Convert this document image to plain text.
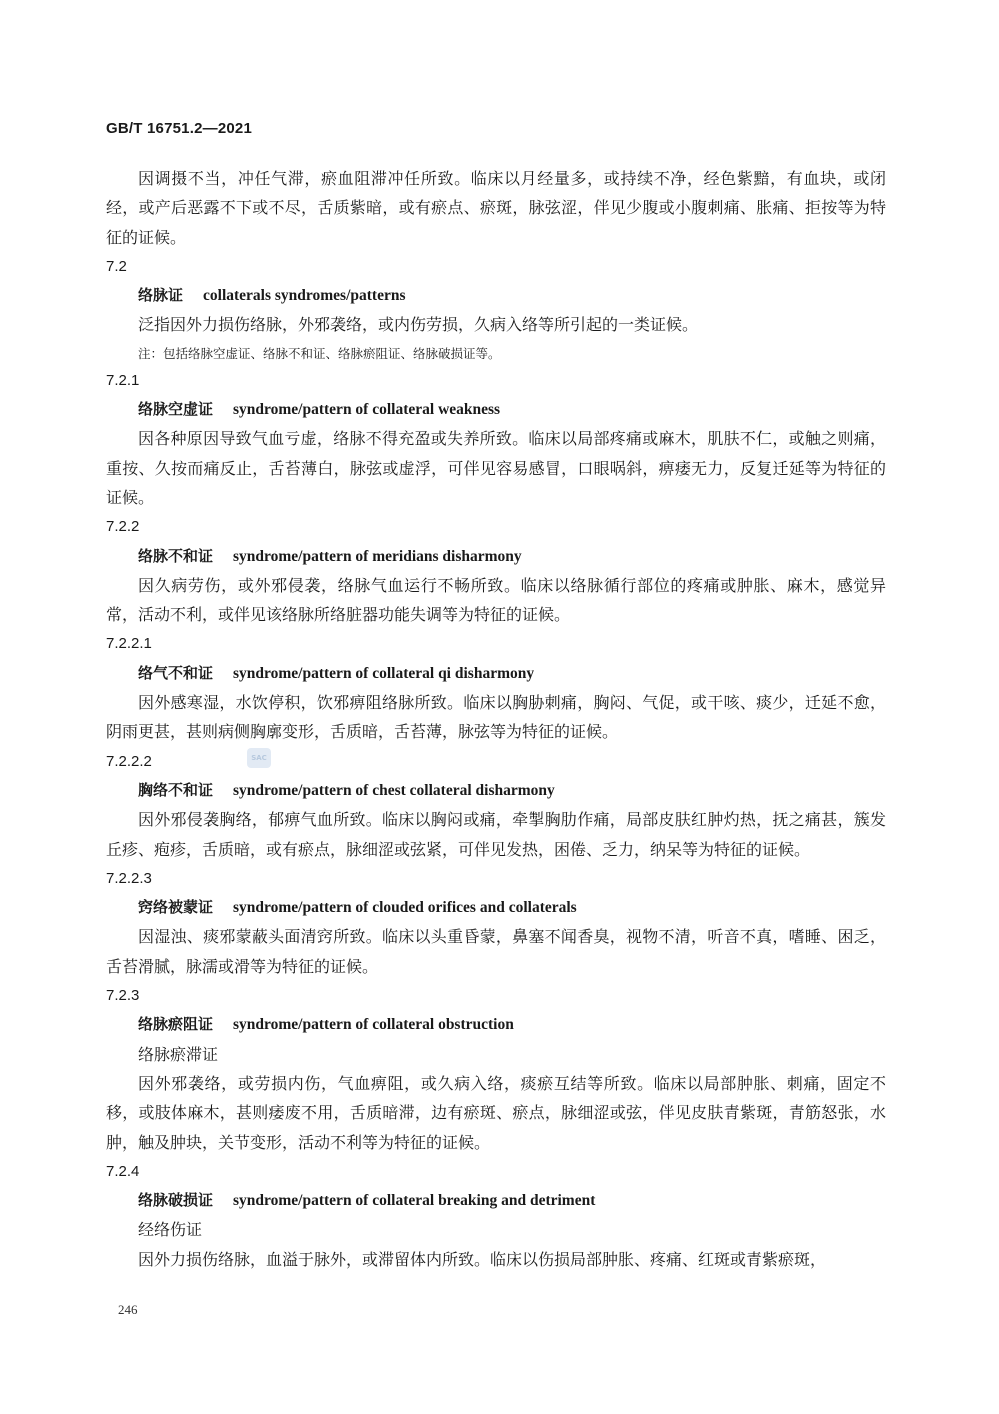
GB/T 16751.2—2021

因调摄不当，冲任气滞，瘀血阻滞冲任所致。临床以月经量多，或持续不净，经色紫黯，有血块，或闭经，或产后恶露不下或不尽，舌质紫暗，或有瘀点、瘀斑，脉弦涩，伴见少腹或小腹刺痛、胀痛、拒按等为特征的证候。

7.2
络脉证 collaterals syndromes/patterns

泛指因外力损伤络脉，外邪袭络，或内伤劳损，久病入络等所引起的一类证候。

注：包括络脉空虚证、络脉不和证、络脉瘀阻证、络脉破损证等。

7.2.1
络脉空虚证 syndrome/pattern of collateral weakness

因各种原因导致气血亏虚，络脉不得充盈或失养所致。临床以局部疼痛或麻木，肌肤不仁，或触之则痛，重按、久按而痛反止，舌苔薄白，脉弦或虚浮，可伴见容易感冒，口眼㖞斜，痹痿无力，反复迁延等为特征的证候。

7.2.2
络脉不和证 syndrome/pattern of meridians disharmony

因久病劳伤，或外邪侵袭，络脉气血运行不畅所致。临床以络脉循行部位的疼痛或肿胀、麻木，感觉异常，活动不利，或伴见该络脉所络脏器功能失调等为特征的证候。

7.2.2.1
络气不和证 syndrome/pattern of collateral qi disharmony

因外感寒湿，水饮停积，饮邪痹阻络脉所致。临床以胸胁刺痛，胸闷、气促，或干咳、痰少，迁延不愈，阴雨更甚，甚则病侧胸廓变形，舌质暗，舌苔薄，脉弦等为特征的证候。

7.2.2.2
胸络不和证 syndrome/pattern of chest collateral disharmony

因外邪侵袭胸络，郁痹气血所致。临床以胸闷或痛，牵掣胸肋作痛，局部皮肤红肿灼热，抚之痛甚，簇发丘疹、疱疹，舌质暗，或有瘀点，脉细涩或弦紧，可伴见发热，困倦、乏力，纳呆等为特征的证候。

7.2.2.3
窍络被蒙证 syndrome/pattern of clouded orifices and collaterals

因湿浊、痰邪蒙蔽头面清窍所致。临床以头重昏蒙，鼻塞不闻香臭，视物不清，听音不真，嗜睡、困乏，舌苔滑腻，脉濡或滑等为特征的证候。

7.2.3
络脉瘀阻证 syndrome/pattern of collateral obstruction
络脉瘀滞证

因外邪袭络，或劳损内伤，气血痹阻，或久病入络，痰瘀互结等所致。临床以局部肿胀、刺痛，固定不移，或肢体麻木，甚则痿废不用，舌质暗滞，边有瘀斑、瘀点，脉细涩或弦，伴见皮肤青紫斑，青筋怒张，水肿，触及肿块，关节变形，活动不利等为特征的证候。

7.2.4
络脉破损证 syndrome/pattern of collateral breaking and detriment
经络伤证

因外力损伤络脉，血溢于脉外，或滞留体内所致。临床以伤损局部肿胀、疼痛、红斑或青紫瘀斑，

SAC
246
